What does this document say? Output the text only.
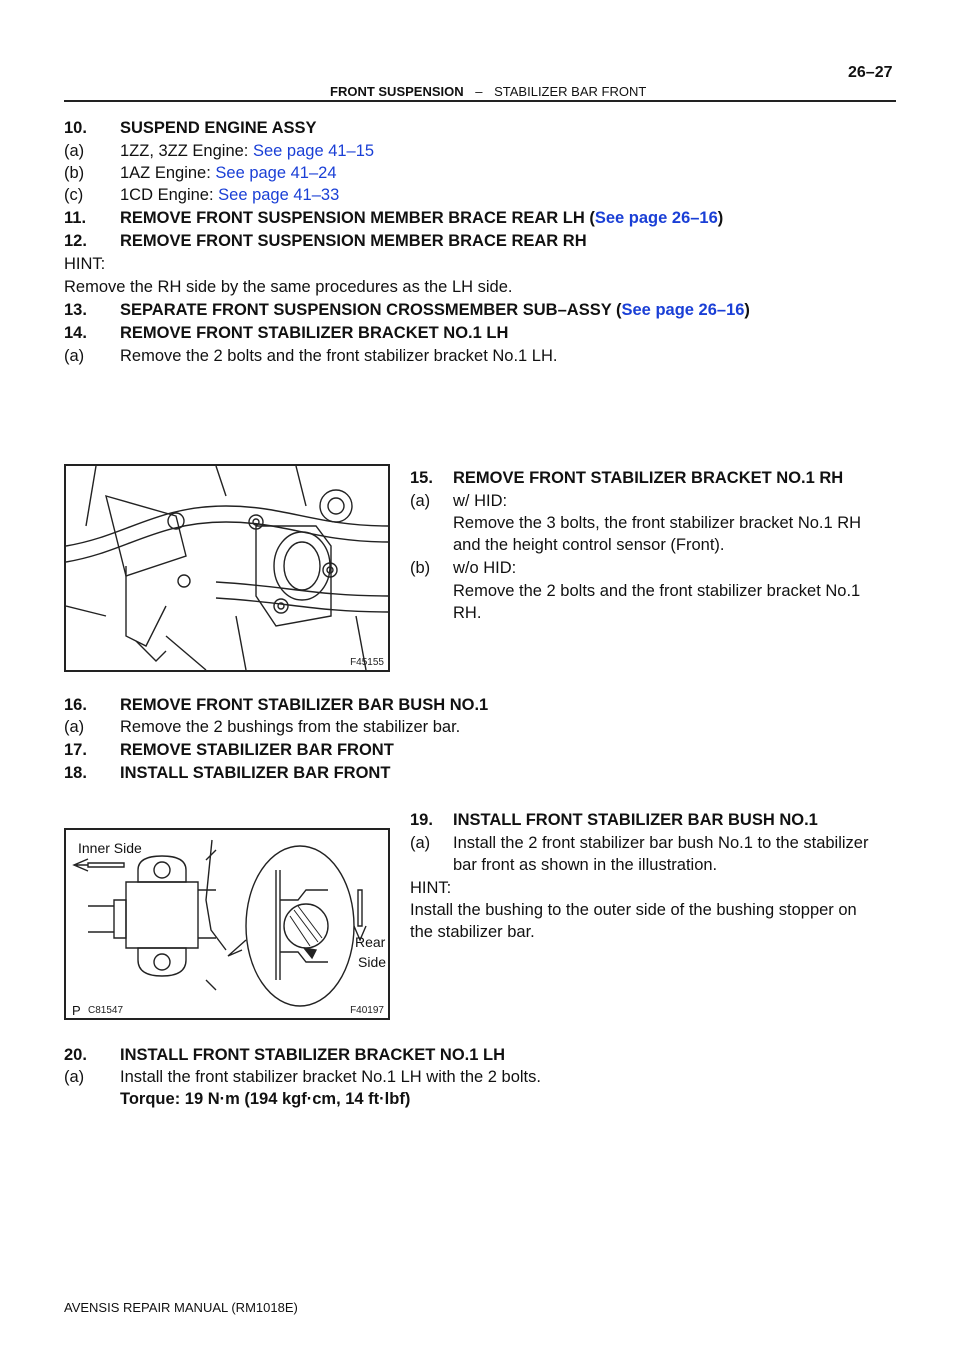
FRONT SUSPENSION – STABILIZER BAR FRONT
26–27
10. SUSPEND ENGINE ASSY
(a) 1ZZ, 3ZZ Engine: See page 41–15
(b) 1AZ Engine: See page 41–24
(c) 1CD Engine: See page 41–33
11. REMOVE FRONT SUSPENSION MEMBER BRACE REAR LH (See page 26–16)
12. REMOVE FRONT SUSPENSION MEMBER BRACE REAR RH
HINT:
Remove the RH side by the same procedures as the LH side.
13. SEPARATE FRONT SUSPENSION CROSSMEMBER SUB–ASSY (See page 26–16)
14. REMOVE FRONT STABILIZER BRACKET NO.1 LH
(a) Remove the 2 bolts and the front stabilizer bracket No.1 LH.
F45155
15. REMOVE FRONT STABILIZER BRACKET NO.1 RH
(a) w/ HID:
Remove the 3 bolts, the front stabilizer bracket No.1 RH
and the height control sensor (Front).
(b) w/o HID:
Remove the 2 bolts and the front stabilizer bracket No.1
RH.
16. REMOVE FRONT STABILIZER BAR BUSH NO.1
(a) Remove the 2 bushings from the stabilizer bar.
17. REMOVE STABILIZER BAR FRONT
18. INSTALL STABILIZER BAR FRONT
Inner Side
Rear
Side
P C81547	F40197
19. INSTALL FRONT STABILIZER BAR BUSH NO.1
(a) Install the 2 front stabilizer bar bush No.1 to the stabilizer
bar front as shown in the illustration.
HINT:
Install the bushing to the outer side of the bushing stopper on
the stabilizer bar.
20. INSTALL FRONT STABILIZER BRACKET NO.1 LH
(a) Install the front stabilizer bracket No.1 LH with the 2 bolts.
Torque: 19 N·m (194 kgf·cm, 14 ft·lbf)
AVENSIS REPAIR MANUAL (RM1018E)
